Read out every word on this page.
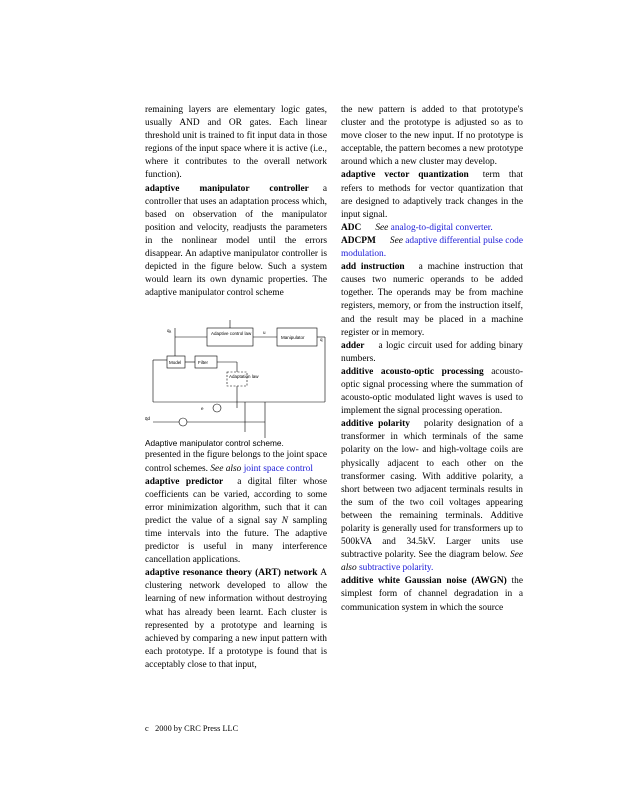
remaining layers are elementary logic gates, usually AND and OR gates. Each linear threshold unit is trained to fit input data in those regions of the input space where it is active (i.e., where it contributes to the overall network function).

adaptive manipulator controller a controller that uses an adaptation process which, based on observation of the manipulator position and velocity, readjusts the parameters in the nonlinear model until the errors disappear. An adaptive manipulator controller is depicted in the figure below. Such a system would learn its own dynamic properties. The adaptive manipulator control scheme

Adaptive control law
Manipulator
Model	Filter
Adaptation law
q
u
qₐ
q̈d
e

Adaptive manipulator control scheme.

presented in the figure belongs to the joint space control schemes. See also joint space control

adaptive predictor a digital filter whose coefficients can be varied, according to some error minimization algorithm, such that it can predict the value of a signal say N sampling time intervals into the future. The adaptive predictor is useful in many interference cancellation applications.

adaptive resonance theory (ART) network A clustering network developed to allow the learning of new information without destroying what has already been learnt. Each cluster is represented by a prototype and learning is achieved by comparing a new input pattern with each prototype. If a prototype is found that is acceptably close to that input,

the new pattern is added to that prototype's cluster and the prototype is adjusted so as to move closer to the new input. If no prototype is acceptable, the pattern becomes a new prototype around which a new cluster may develop.

adaptive vector quantization term that refers to methods for vector quantization that are designed to adaptively track changes in the input signal.

ADC See analog-to-digital converter.

ADCPM See adaptive differential pulse code modulation.

add instruction a machine instruction that causes two numeric operands to be added together. The operands may be from machine registers, memory, or from the instruction itself, and the result may be placed in a machine register or in memory.

adder a logic circuit used for adding binary numbers.

additive acousto-optic processing acousto-optic signal processing where the summation of acousto-optic modulated light waves is used to implement the signal processing operation.

additive polarity polarity designation of a transformer in which terminals of the same polarity on the low- and high-voltage coils are physically adjacent to each other on the transformer casing. With additive polarity, a short between two adjacent terminals results in the sum of the two coil voltages appearing between the remaining terminals. Additive polarity is generally used for transformers up to 500kVA and 34.5kV. Larger units use subtractive polarity. See the diagram below. See also subtractive polarity.

additive white Gaussian noise (AWGN) the simplest form of channel degradation in a communication system in which the source

c⃝2000 by CRC Press LLC
